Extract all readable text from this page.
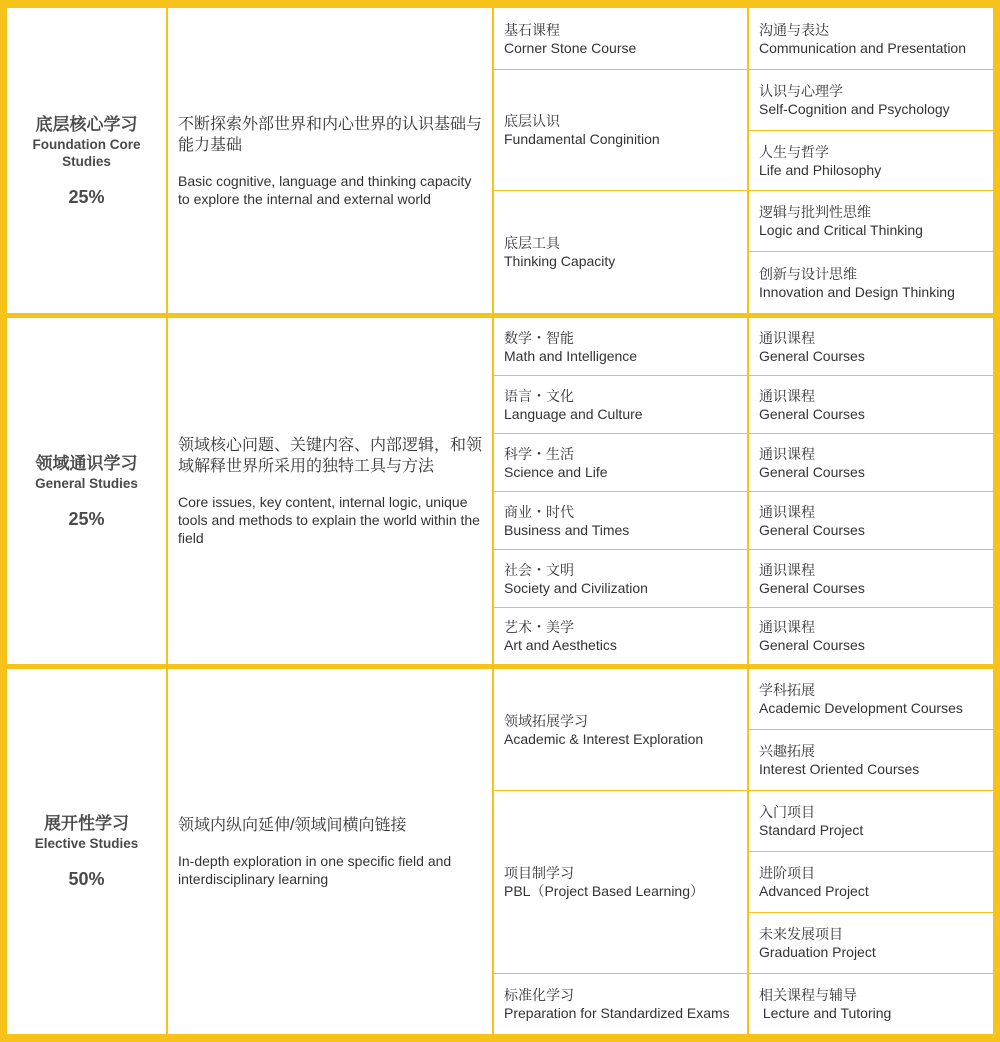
底层核心学习
Foundation Core Studies
25%
不断探索外部世界和内心世界的认识基础与能力基础
Basic cognitive, language and thinking capacity to explore the internal and external world
基石课程
Corner Stone Course
底层认识
Fundamental Conginition
底层工具
Thinking Capacity
沟通与表达
Communication and Presentation
认识与心理学
Self-Cognition and Psychology
人生与哲学
Life and Philosophy
逻辑与批判性思维
Logic and Critical Thinking
创新与设计思维
Innovation and Design Thinking
领域通识学习
General Studies
25%
领域核心问题、关键内容、内部逻辑，和领域解释世界所采用的独特工具与方法
Core issues, key content, internal logic, unique tools and methods to explain the world within the field
数学・智能
Math and Intelligence
通识课程
General Courses
语言・文化
Language and Culture
通识课程
General Courses
科学・生活
Science and Life
通识课程
General Courses
商业・时代
Business and Times
通识课程
General Courses
社会・文明
Society and Civilization
通识课程
General Courses
艺术・美学
Art and Aesthetics
通识课程
General Courses
展开性学习
Elective Studies
50%
领域内纵向延伸/领域间横向链接
In-depth exploration in one specific field and interdisciplinary learning
领域拓展学习
Academic & Interest Exploration
项目制学习
PBL（Project Based Learning）
标准化学习
Preparation for Standardized Exams
学科拓展
Academic Development Courses
兴趣拓展
Interest Oriented Courses
入门项目
Standard Project
进阶项目
Advanced Project
未来发展项目
Graduation Project
相关课程与辅导
Lecture and Tutoring
